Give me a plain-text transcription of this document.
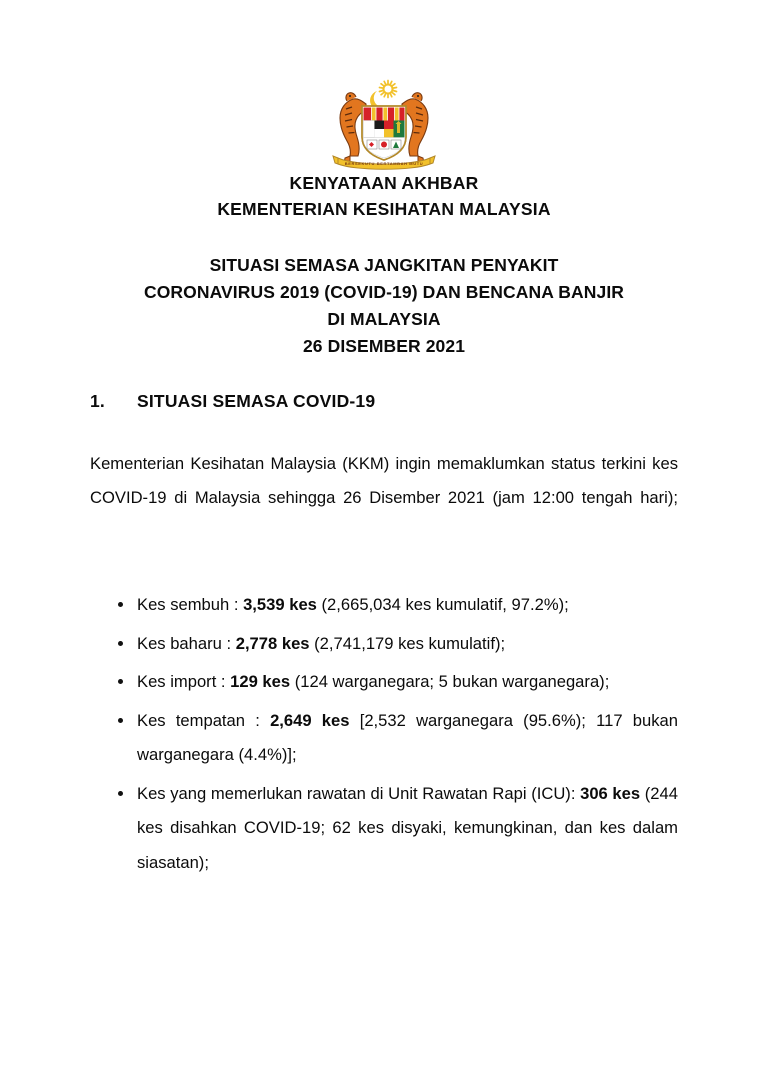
BERSEKUTU BERTAMBAH MUTU
KENYATAAN AKHBAR
KEMENTERIAN KESIHATAN MALAYSIA
SITUASI SEMASA JANGKITAN PENYAKIT
CORONAVIRUS 2019 (COVID-19) DAN BENCANA BANJIR
DI MALAYSIA
26 DISEMBER 2021
1.	SITUASI SEMASA COVID-19
Kementerian Kesihatan Malaysia (KKM) ingin memaklumkan status terkini kes COVID-19 di Malaysia sehingga 26 Disember 2021 (jam 12:00 tengah hari);
Kes sembuh : 3,539 kes (2,665,034 kes kumulatif, 97.2%);
Kes baharu : 2,778 kes (2,741,179 kes kumulatif);
Kes import : 129 kes (124 warganegara; 5 bukan warganegara);
Kes tempatan : 2,649 kes [2,532 warganegara (95.6%); 117 bukan warganegara (4.4%)];
Kes yang memerlukan rawatan di Unit Rawatan Rapi (ICU): 306 kes (244 kes disahkan COVID-19; 62 kes disyaki, kemungkinan, dan kes dalam siasatan);
